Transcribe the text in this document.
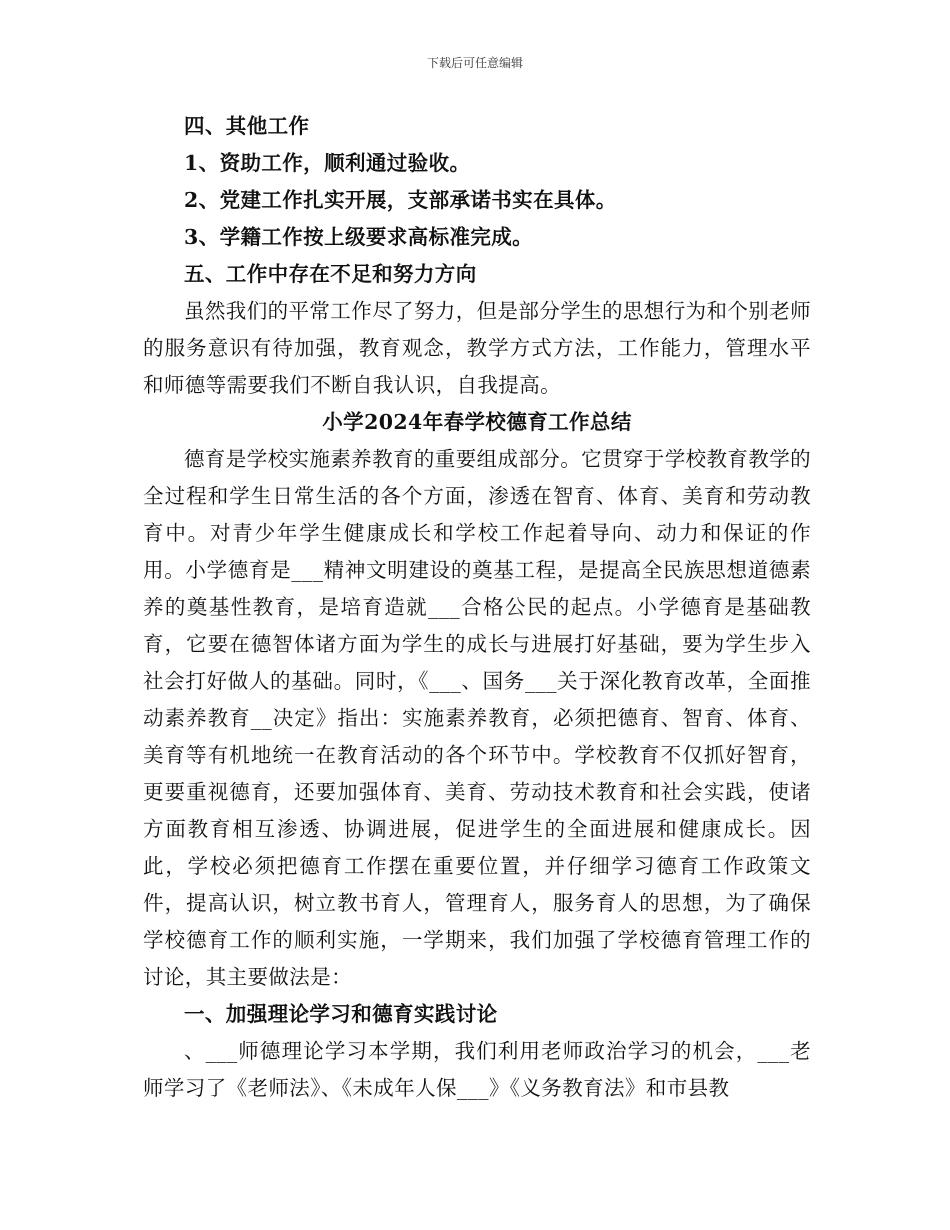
下载后可任意编辑

四、其他工作

1、资助工作，顺利通过验收。

2、党建工作扎实开展，支部承诺书实在具体。

3、学籍工作按上级要求高标准完成。

五、工作中存在不足和努力方向

虽然我们的平常工作尽了努力，但是部分学生的思想行为和个别老师的服务意识有待加强，教育观念，教学方式方法，工作能力，管理水平和师德等需要我们不断自我认识，自我提高。

小学2024年春学校德育工作总结

德育是学校实施素养教育的重要组成部分。它贯穿于学校教育教学的全过程和学生日常生活的各个方面，渗透在智育、体育、美育和劳动教育中。对青少年学生健康成长和学校工作起着导向、动力和保证的作用。小学德育是___精神文明建设的奠基工程，是提高全民族思想道德素养的奠基性教育，是培育造就___合格公民的起点。小学德育是基础教育，它要在德智体诸方面为学生的成长与进展打好基础，要为学生步入社会打好做人的基础。同时，《___、国务___关于深化教育改革，全面推动素养教育__决定》指出：实施素养教育，必须把德育、智育、体育、美育等有机地统一在教育活动的各个环节中。学校教育不仅抓好智育，更要重视德育，还要加强体育、美育、劳动技术教育和社会实践，使诸方面教育相互渗透、协调进展，促进学生的全面进展和健康成长。因此，学校必须把德育工作摆在重要位置，并仔细学习德育工作政策文件，提高认识，树立教书育人，管理育人，服务育人的思想，为了确保学校德育工作的顺利实施，一学期来，我们加强了学校德育管理工作的讨论，其主要做法是：

一、加强理论学习和德育实践讨论

、___师德理论学习本学期，我们利用老师政治学习的机会，___老师学习了《老师法》、《未成年人保___》《义务教育法》和市县教
